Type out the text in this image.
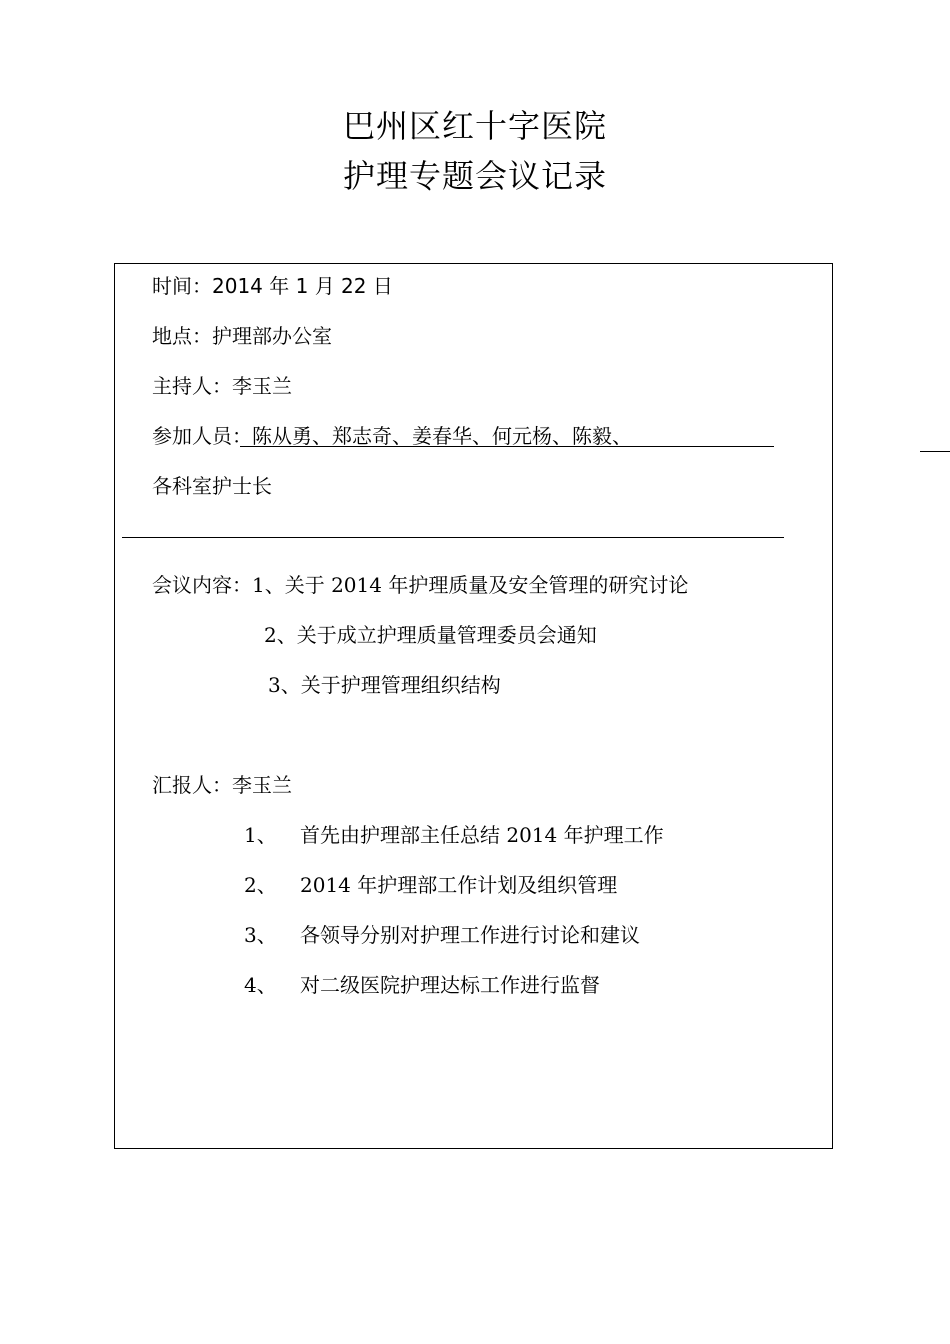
巴州区红十字医院
护理专题会议记录
时间：2014 年 1 月 22 日
地点：护理部办公室
主持人：李玉兰
参加人员：陈从勇、郑志奇、姜春华、何元杨、陈毅、
各科室护士长
会议内容：1、关于 2014 年护理质量及安全管理的研究讨论
2、关于成立护理质量管理委员会通知
3、关于护理管理组织结构
汇报人：李玉兰
1、 首先由护理部主任总结 2014 年护理工作
2、 2014 年护理部工作计划及组织管理
3、 各领导分别对护理工作进行讨论和建议
4、 对二级医院护理达标工作进行监督
